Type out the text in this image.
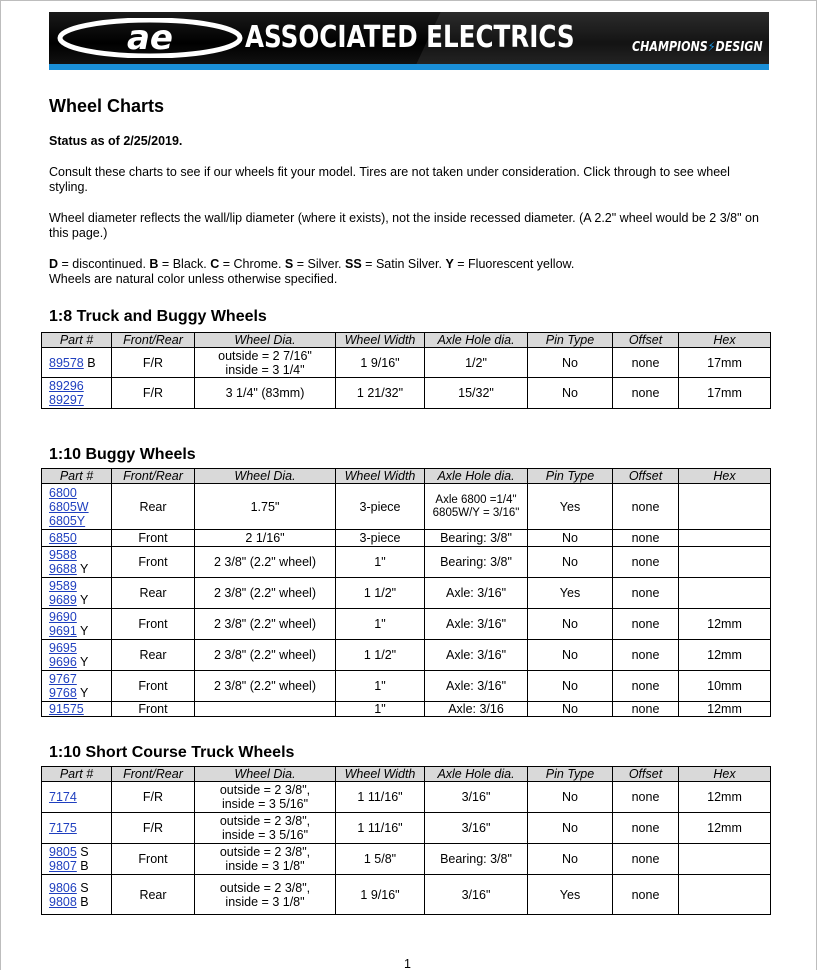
ae ASSOCIATED ELECTRICS	CHAMPIONS⚡DESIGN
Wheel Charts

Status as of 2/25/2019.

Consult these charts to see if our wheels fit your model. Tires are not taken under consideration. Click through to see wheel styling.

Wheel diameter reflects the wall/lip diameter (where it exists), not the inside recessed diameter. (A 2.2" wheel would be 2 3/8" on this page.)

D = discontinued. B = Black. C = Chrome. S = Silver. SS = Satin Silver. Y = Fluorescent yellow.
Wheels are natural color unless otherwise specified.

1:8 Truck and Buggy Wheels
Part #	Front/Rear	Wheel Dia.	Wheel Width	Axle Hole dia.	Pin Type	Offset	Hex
89578 B	F/R	outside = 2 7/16"
inside = 3 1/4"	1 9/16"	1/2"	No	none	17mm
89296
89297	F/R	3 1/4" (83mm)	1 21/32"	15/32"	No	none	17mm
1:10 Buggy Wheels
Part #	Front/Rear	Wheel Dia.	Wheel Width	Axle Hole dia.	Pin Type	Offset	Hex
6800
6805W
6805Y	Rear	1.75"	3-piece	Axle 6800 =1/4"
6805W/Y = 3/16"	Yes	none	
6850	Front	2 1/16"	3-piece	Bearing: 3/8"	No	none	
9588
9688 Y	Front	2 3/8" (2.2" wheel)	1"	Bearing: 3/8"	No	none	
9589
9689 Y	Rear	2 3/8" (2.2" wheel)	1 1/2"	Axle: 3/16"	Yes	none	
9690
9691 Y	Front	2 3/8" (2.2" wheel)	1"	Axle: 3/16"	No	none	12mm
9695
9696 Y	Rear	2 3/8" (2.2" wheel)	1 1/2"	Axle: 3/16"	No	none	12mm
9767
9768 Y	Front	2 3/8" (2.2" wheel)	1"	Axle: 3/16"	No	none	10mm
91575	Front		1"	Axle: 3/16	No	none	12mm
1:10 Short Course Truck Wheels
Part #	Front/Rear	Wheel Dia.	Wheel Width	Axle Hole dia.	Pin Type	Offset	Hex
7174	F/R	outside = 2 3/8",
inside = 3 5/16"	1 11/16"	3/16"	No	none	12mm
7175	F/R	outside = 2 3/8",
inside = 3 5/16"	1 11/16"	3/16"	No	none	12mm
9805 S
9807 B	Front	outside = 2 3/8",
inside = 3 1/8"	1 5/8"	Bearing: 3/8"	No	none	
9806 S
9808 B	Rear	outside = 2 3/8",
inside = 3 1/8"	1 9/16"	3/16"	Yes	none	
1
